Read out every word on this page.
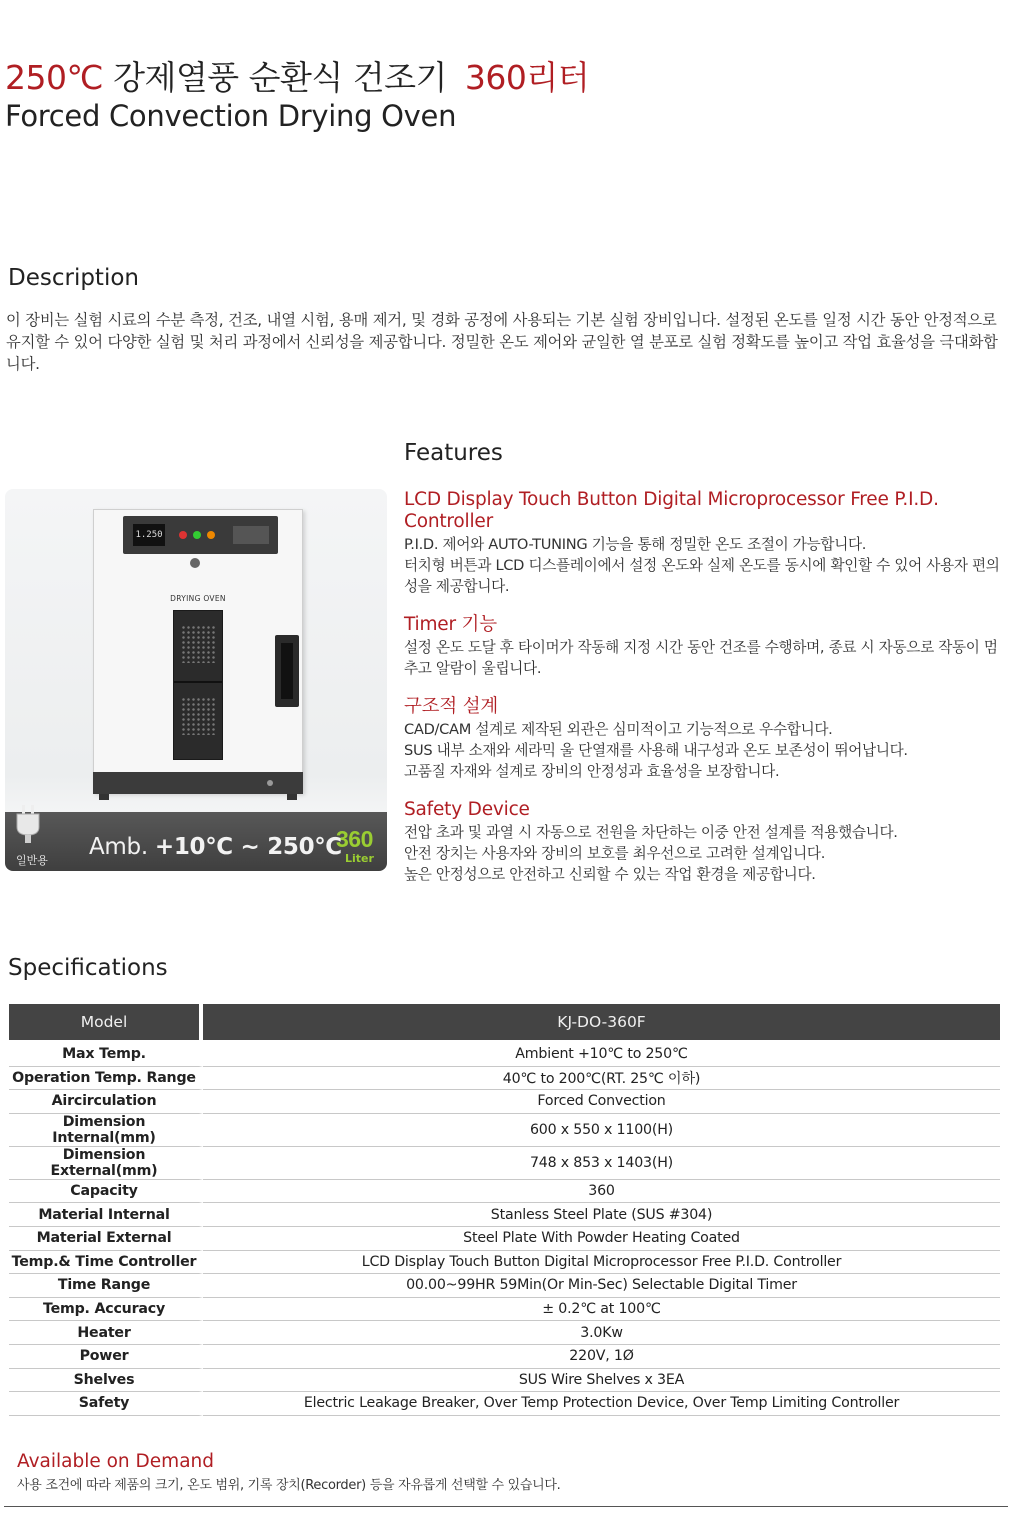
250℃ 강제열풍 순환식 건조기 360리터
Forced Convection Drying Oven
Description
이 장비는 실험 시료의 수분 측정, 건조, 내열 시험, 용매 제거, 및 경화 공정에 사용되는 기본 실험 장비입니다. 설정된 온도를 일정 시간 동안 안정적으로 유지할 수 있어 다양한 실험 및 처리 과정에서 신뢰성을 제공합니다. 정밀한 온도 제어와 균일한 열 분포로 실험 정확도를 높이고 작업 효율성을 극대화합니다.
1.250
DRYING OVEN
일반용
Amb. +10℃ ~ 250℃
360
Liter
Features
LCD Display Touch Button Digital Microprocessor Free P.I.D. Controller
P.I.D. 제어와 AUTO-TUNING 기능을 통해 정밀한 온도 조절이 가능합니다.
터치형 버튼과 LCD 디스플레이에서 설정 온도와 실제 온도를 동시에 확인할 수 있어 사용자 편의성을 제공합니다.
Timer 기능
설정 온도 도달 후 타이머가 작동해 지정 시간 동안 건조를 수행하며, 종료 시 자동으로 작동이 멈추고 알람이 울립니다.
구조적 설계
CAD/CAM 설계로 제작된 외관은 심미적이고 기능적으로 우수합니다.
SUS 내부 소재와 세라믹 울 단열재를 사용해 내구성과 온도 보존성이 뛰어납니다.
고품질 자재와 설계로 장비의 안정성과 효율성을 보장합니다.
Safety Device
전압 초과 및 과열 시 자동으로 전원을 차단하는 이중 안전 설계를 적용했습니다.
안전 장치는 사용자와 장비의 보호를 최우선으로 고려한 설계입니다.
높은 안정성으로 안전하고 신뢰할 수 있는 작업 환경을 제공합니다.
Specifications
Model	KJ-DO-360F
Max Temp.	Ambient +10℃ to 250℃
Operation Temp. Range	40℃ to 200℃(RT. 25℃ 이하)
Aircirculation	Forced Convection
Dimension Internal(mm)	600 x 550 x 1100(H)
Dimension External(mm)	748 x 853 x 1403(H)
Capacity	360
Material Internal	Stanless Steel Plate (SUS #304)
Material External	Steel Plate With Powder Heating Coated
Temp.& Time Controller	LCD Display Touch Button Digital Microprocessor Free P.I.D. Controller
Time Range	00.00~99HR 59Min(Or Min-Sec) Selectable Digital Timer
Temp. Accuracy	± 0.2℃ at 100℃
Heater	3.0Kw
Power	220V, 1Ø
Shelves	SUS Wire Shelves x 3EA
Safety	Electric Leakage Breaker, Over Temp Protection Device, Over Temp Limiting Controller
Available on Demand
사용 조건에 따라 제품의 크기, 온도 범위, 기록 장치(Recorder) 등을 자유롭게 선택할 수 있습니다.
